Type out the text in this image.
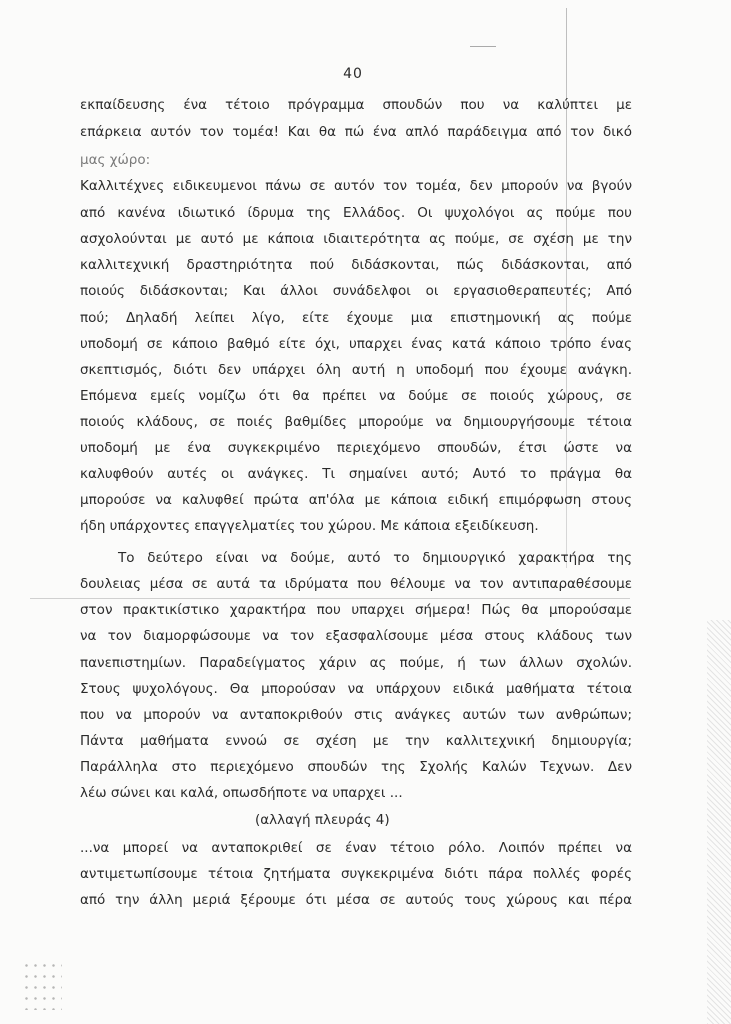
40
εκπαίδευσης ένα τέτοιο πρόγραμμα σπουδών που να καλύπτει με
επάρκεια αυτόν τον τομέα! Και θα πώ ένα απλό παράδειγμα από τον δικό
μας χώρο:
Καλλιτέχνες ειδικευμενοι πάνω σε αυτόν τον τομέα, δεν μπορούν να βγούν
από κανένα ιδιωτικό ίδρυμα της Ελλάδος. Οι ψυχολόγοι ας πούμε που
ασχολούνται με αυτό με κάποια ιδιαιτερότητα ας πούμε, σε σχέση με την
καλλιτεχνική δραστηριότητα πού διδάσκονται, πώς διδάσκονται, από
ποιούς διδάσκονται; Και άλλοι συνάδελφοι οι εργασιοθεραπευτές; Από
πού; Δηλαδή λείπει λίγο, είτε έχουμε μια επιστημονική ας πούμε
υποδομή σε κάποιο βαθμό είτε όχι, υπαρχει ένας κατά κάποιο τρόπο ένας
σκεπτισμός, διότι δεν υπάρχει όλη αυτή η υποδομή που έχουμε ανάγκη.
Επόμενα εμείς νομίζω ότι θα πρέπει να δούμε σε ποιούς χώρους, σε
ποιούς κλάδους, σε ποιές βαθμίδες μπορούμε να δημιουργήσουμε τέτοια
υποδομή με ένα συγκεκριμένο περιεχόμενο σπουδών, έτσι ώστε να
καλυφθούν αυτές οι ανάγκες. Τι σημαίνει αυτό; Αυτό το πράγμα θα
μπορούσε να καλυφθεί πρώτα απ'όλα με κάποια ειδική επιμόρφωση στους
ήδη υπάρχοντες επαγγελματίες του χώρου. Με κάποια εξειδίκευση.
Το δεύτερο είναι να δούμε, αυτό το δημιουργικό χαρακτήρα της
δουλειας μέσα σε αυτά τα ιδρύματα που θέλουμε να τον αντιπαραθέσουμε
στον πρακτικίστικο χαρακτήρα που υπαρχει σήμερα! Πώς θα μπορούσαμε
να τον διαμορφώσουμε να τον εξασφαλίσουμε μέσα στους κλάδους των
πανεπιστημίων. Παραδείγματος χάριν ας πούμε, ή των άλλων σχολών.
Στους ψυχολόγους. Θα μπορούσαν να υπάρχουν ειδικά μαθήματα τέτοια
που να μπορούν να ανταποκριθούν στις ανάγκες αυτών των ανθρώπων;
Πάντα μαθήματα εννοώ σε σχέση με την καλλιτεχνική δημιουργία;
Παράλληλα στο περιεχόμενο σπουδών της Σχολής Καλών Τεχνων. Δεν
λέω σώνει και καλά, οπωσδήποτε να υπαρχει ...
(αλλαγή πλευράς 4)
...να μπορεί να ανταποκριθεί σε έναν τέτοιο ρόλο. Λοιπόν πρέπει να
αντιμετωπίσουμε τέτοια ζητήματα συγκεκριμένα διότι πάρα πολλές φορές
από την άλλη μεριά ξέρουμε ότι μέσα σε αυτούς τους χώρους και πέρα
